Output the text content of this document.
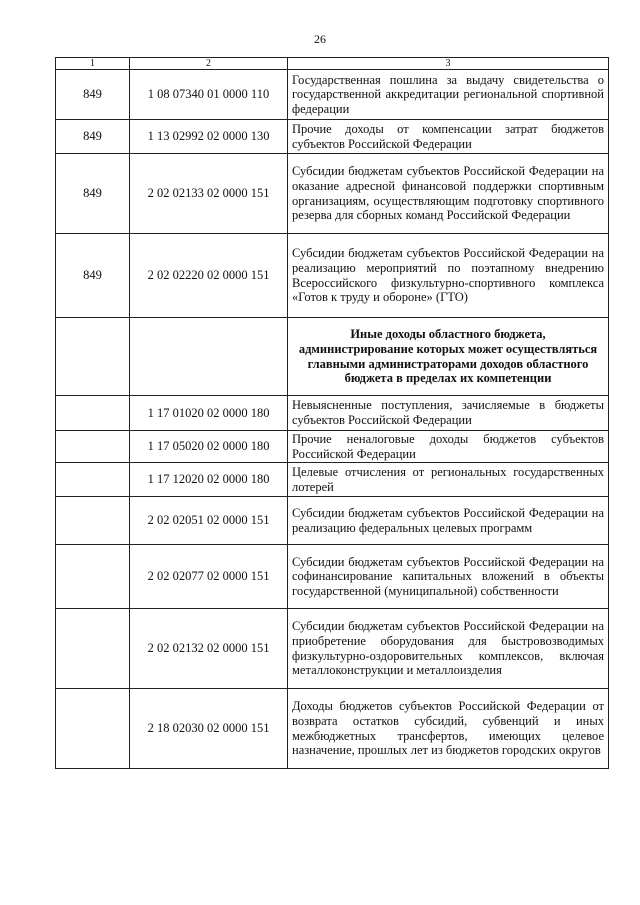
26
1	2	3
849	1 08 07340 01 0000 110	Государственная пошлина за выдачу свидетельства о государственной аккредитации региональной спортивной федерации
849	1 13 02992 02 0000 130	Прочие доходы от компенсации затрат бюджетов субъектов Российской Федерации
849	2 02 02133 02 0000 151	Субсидии бюджетам субъектов Российской Федерации на оказание адресной финансовой поддержки спортивным организациям, осуществляющим подготовку спортивного резерва для сборных команд Российской Федерации
849	2 02 02220 02 0000 151	Субсидии бюджетам субъектов Российской Федерации на реализацию мероприятий по поэтапному внедрению Всероссийского физкультурно-спортивного комплекса «Готов к труду и обороне» (ГТО)
		Иные доходы областного бюджета, администрирование которых может осуществляться главными администраторами доходов областного бюджета в пределах их компетенции
	1 17 01020 02 0000 180	Невыясненные поступления, зачисляемые в бюджеты субъектов Российской Федерации
	1 17 05020 02 0000 180	Прочие неналоговые доходы бюджетов субъектов Российской Федерации
	1 17 12020 02 0000 180	Целевые отчисления от региональных государственных лотерей
	2 02 02051 02 0000 151	Субсидии бюджетам субъектов Российской Федерации на реализацию федеральных целевых программ
	2 02 02077 02 0000 151	Субсидии бюджетам субъектов Российской Федерации на софинансирование капитальных вложений в объекты государственной (муниципальной) собственности
	2 02 02132 02 0000 151	Субсидии бюджетам субъектов Российской Федерации на приобретение оборудования для быстровозводимых физкультурно-оздоровительных комплексов, включая металлоконструкции и металлоизделия
	2 18 02030 02 0000 151	Доходы бюджетов субъектов Российской Федерации от возврата остатков субсидий, субвенций и иных межбюджетных трансфертов, имеющих целевое назначение, прошлых лет из бюджетов городских округов
